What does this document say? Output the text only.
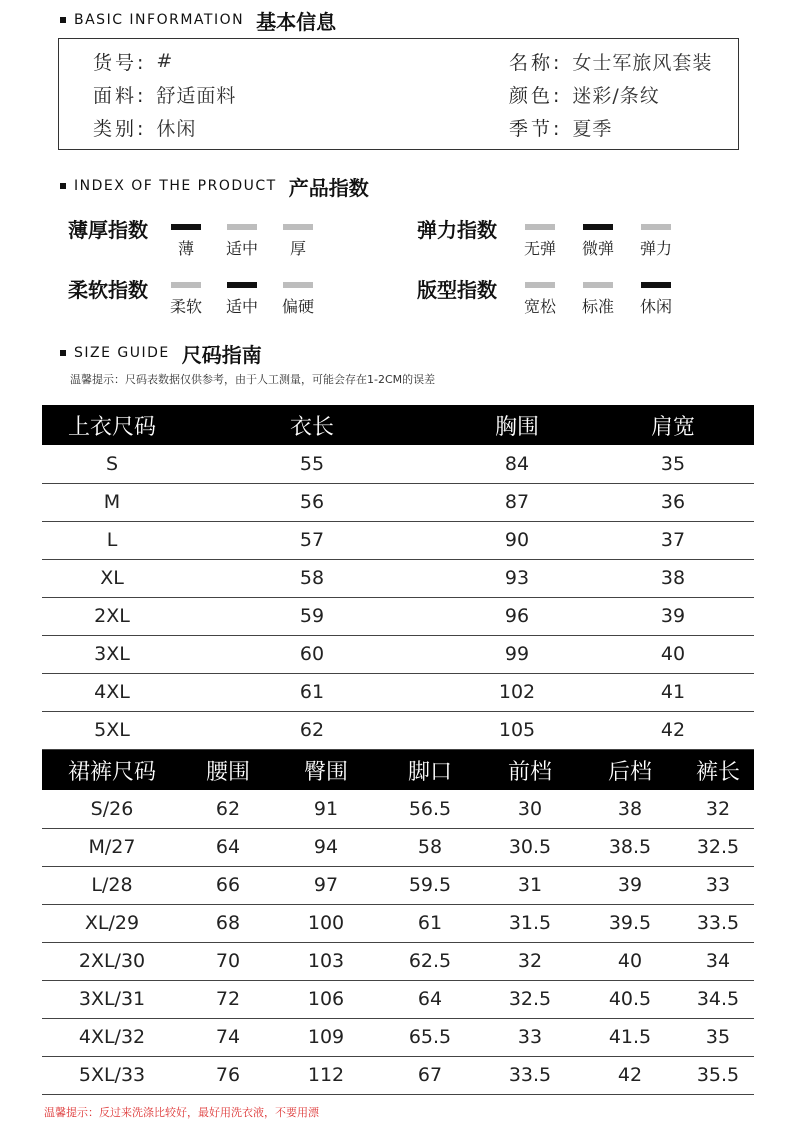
BASIC INFORMATION 基本信息
货号: #
面料: 舒适面料
类别: 休闲
名称: 女士军旅风套装
颜色: 迷彩/条纹
季节: 夏季
INDEX OF THE PRODUCT 产品指数
薄厚指数
薄	适中	厚
弹力指数
无弹 微弹 弹力
柔软指数
柔软 适中 偏硬
版型指数
宽松 标准 休闲
SIZE GUIDE 尺码指南
温馨提示：尺码表数据仅供参考，由于人工测量，可能会存在1-2CM的误差
上衣尺码	衣长	胸围	肩宽
S	55	84	35
M	56	87	36
L	57	90	37
XL	58	93	38
2XL	59	96	39
3XL	60	99	40
4XL	61	102	41
5XL	62	105	42
裙裤尺码	腰围	臀围	脚口	前档	后档	裤长
S/26	62	91	56.5	30	38	32
M/27	64	94	58	30.5	38.5	32.5
L/28	66	97	59.5	31	39	33
XL/29	68	100	61	31.5	39.5	33.5
2XL/30	70	103	62.5	32	40	34
3XL/31	72	106	64	32.5	40.5	34.5
4XL/32	74	109	65.5	33	41.5	35
5XL/33	76	112	67	33.5	42	35.5
温馨提示：反过来洗涤比较好，最好用洗衣液，不要用漂
